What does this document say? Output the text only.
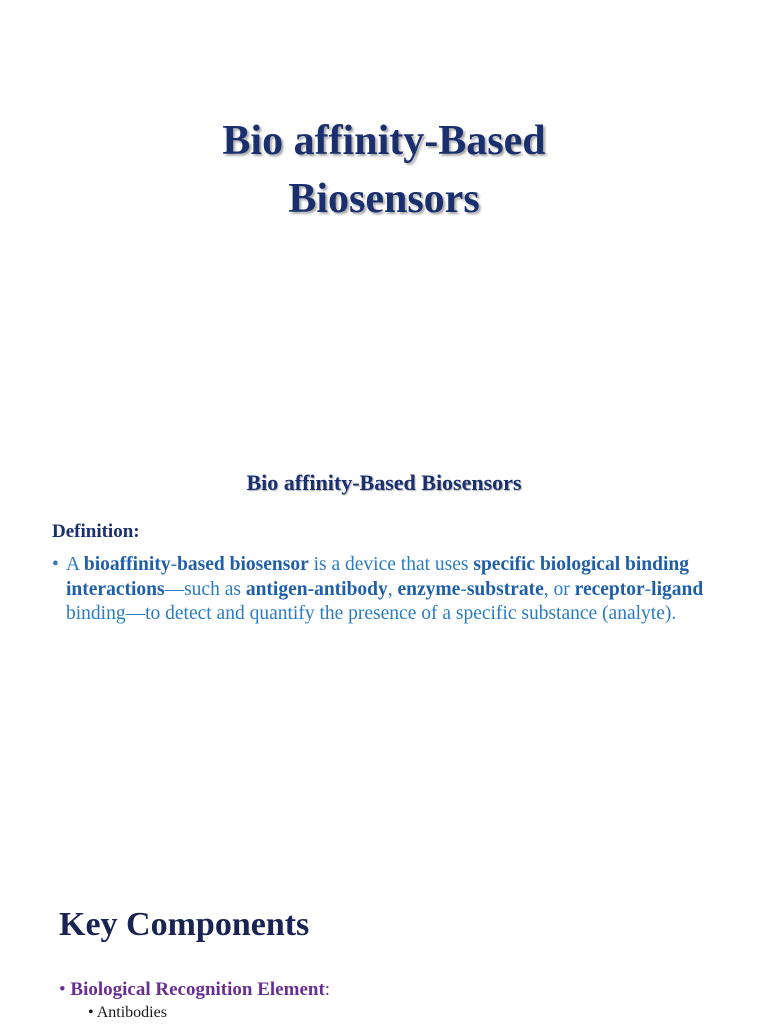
Bio affinity-Based
Biosensors
Bio affinity-Based Biosensors
Definition:
• A bioaffinity-based biosensor is a device that uses specific biological binding interactions—such as antigen-antibody, enzyme-substrate, or receptor-ligand binding—to detect and quantify the presence of a specific substance (analyte).
Key Components
• Biological Recognition Element:
• Antibodies
